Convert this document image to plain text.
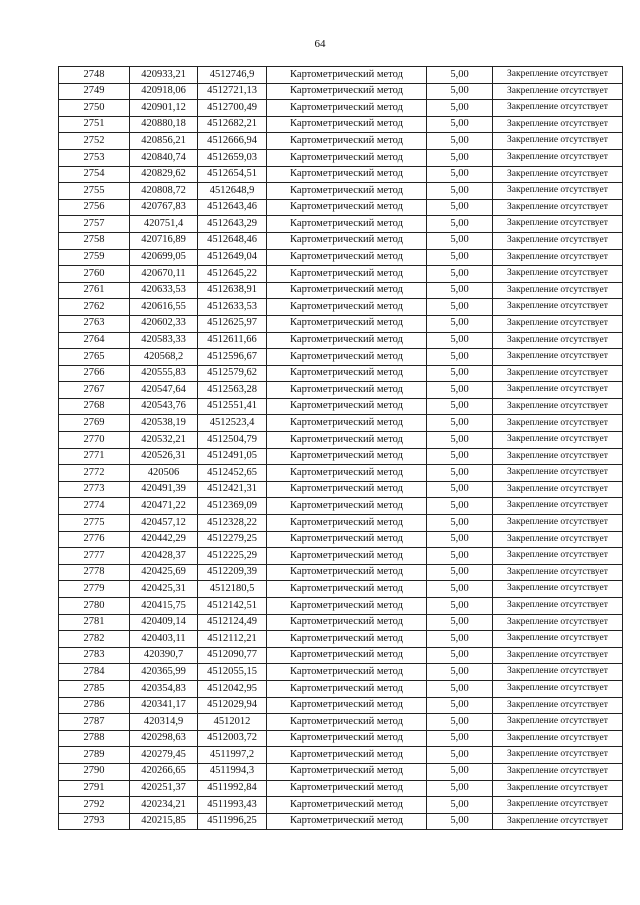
64
2748	420933,21	4512746,9	Картометрический метод	5,00	Закрепление отсутствует
2749	420918,06	4512721,13	Картометрический метод	5,00	Закрепление отсутствует
2750	420901,12	4512700,49	Картометрический метод	5,00	Закрепление отсутствует
2751	420880,18	4512682,21	Картометрический метод	5,00	Закрепление отсутствует
2752	420856,21	4512666,94	Картометрический метод	5,00	Закрепление отсутствует
2753	420840,74	4512659,03	Картометрический метод	5,00	Закрепление отсутствует
2754	420829,62	4512654,51	Картометрический метод	5,00	Закрепление отсутствует
2755	420808,72	4512648,9	Картометрический метод	5,00	Закрепление отсутствует
2756	420767,83	4512643,46	Картометрический метод	5,00	Закрепление отсутствует
2757	420751,4	4512643,29	Картометрический метод	5,00	Закрепление отсутствует
2758	420716,89	4512648,46	Картометрический метод	5,00	Закрепление отсутствует
2759	420699,05	4512649,04	Картометрический метод	5,00	Закрепление отсутствует
2760	420670,11	4512645,22	Картометрический метод	5,00	Закрепление отсутствует
2761	420633,53	4512638,91	Картометрический метод	5,00	Закрепление отсутствует
2762	420616,55	4512633,53	Картометрический метод	5,00	Закрепление отсутствует
2763	420602,33	4512625,97	Картометрический метод	5,00	Закрепление отсутствует
2764	420583,33	4512611,66	Картометрический метод	5,00	Закрепление отсутствует
2765	420568,2	4512596,67	Картометрический метод	5,00	Закрепление отсутствует
2766	420555,83	4512579,62	Картометрический метод	5,00	Закрепление отсутствует
2767	420547,64	4512563,28	Картометрический метод	5,00	Закрепление отсутствует
2768	420543,76	4512551,41	Картометрический метод	5,00	Закрепление отсутствует
2769	420538,19	4512523,4	Картометрический метод	5,00	Закрепление отсутствует
2770	420532,21	4512504,79	Картометрический метод	5,00	Закрепление отсутствует
2771	420526,31	4512491,05	Картометрический метод	5,00	Закрепление отсутствует
2772	420506	4512452,65	Картометрический метод	5,00	Закрепление отсутствует
2773	420491,39	4512421,31	Картометрический метод	5,00	Закрепление отсутствует
2774	420471,22	4512369,09	Картометрический метод	5,00	Закрепление отсутствует
2775	420457,12	4512328,22	Картометрический метод	5,00	Закрепление отсутствует
2776	420442,29	4512279,25	Картометрический метод	5,00	Закрепление отсутствует
2777	420428,37	4512225,29	Картометрический метод	5,00	Закрепление отсутствует
2778	420425,69	4512209,39	Картометрический метод	5,00	Закрепление отсутствует
2779	420425,31	4512180,5	Картометрический метод	5,00	Закрепление отсутствует
2780	420415,75	4512142,51	Картометрический метод	5,00	Закрепление отсутствует
2781	420409,14	4512124,49	Картометрический метод	5,00	Закрепление отсутствует
2782	420403,11	4512112,21	Картометрический метод	5,00	Закрепление отсутствует
2783	420390,7	4512090,77	Картометрический метод	5,00	Закрепление отсутствует
2784	420365,99	4512055,15	Картометрический метод	5,00	Закрепление отсутствует
2785	420354,83	4512042,95	Картометрический метод	5,00	Закрепление отсутствует
2786	420341,17	4512029,94	Картометрический метод	5,00	Закрепление отсутствует
2787	420314,9	4512012	Картометрический метод	5,00	Закрепление отсутствует
2788	420298,63	4512003,72	Картометрический метод	5,00	Закрепление отсутствует
2789	420279,45	4511997,2	Картометрический метод	5,00	Закрепление отсутствует
2790	420266,65	4511994,3	Картометрический метод	5,00	Закрепление отсутствует
2791	420251,37	4511992,84	Картометрический метод	5,00	Закрепление отсутствует
2792	420234,21	4511993,43	Картометрический метод	5,00	Закрепление отсутствует
2793	420215,85	4511996,25	Картометрический метод	5,00	Закрепление отсутствует
